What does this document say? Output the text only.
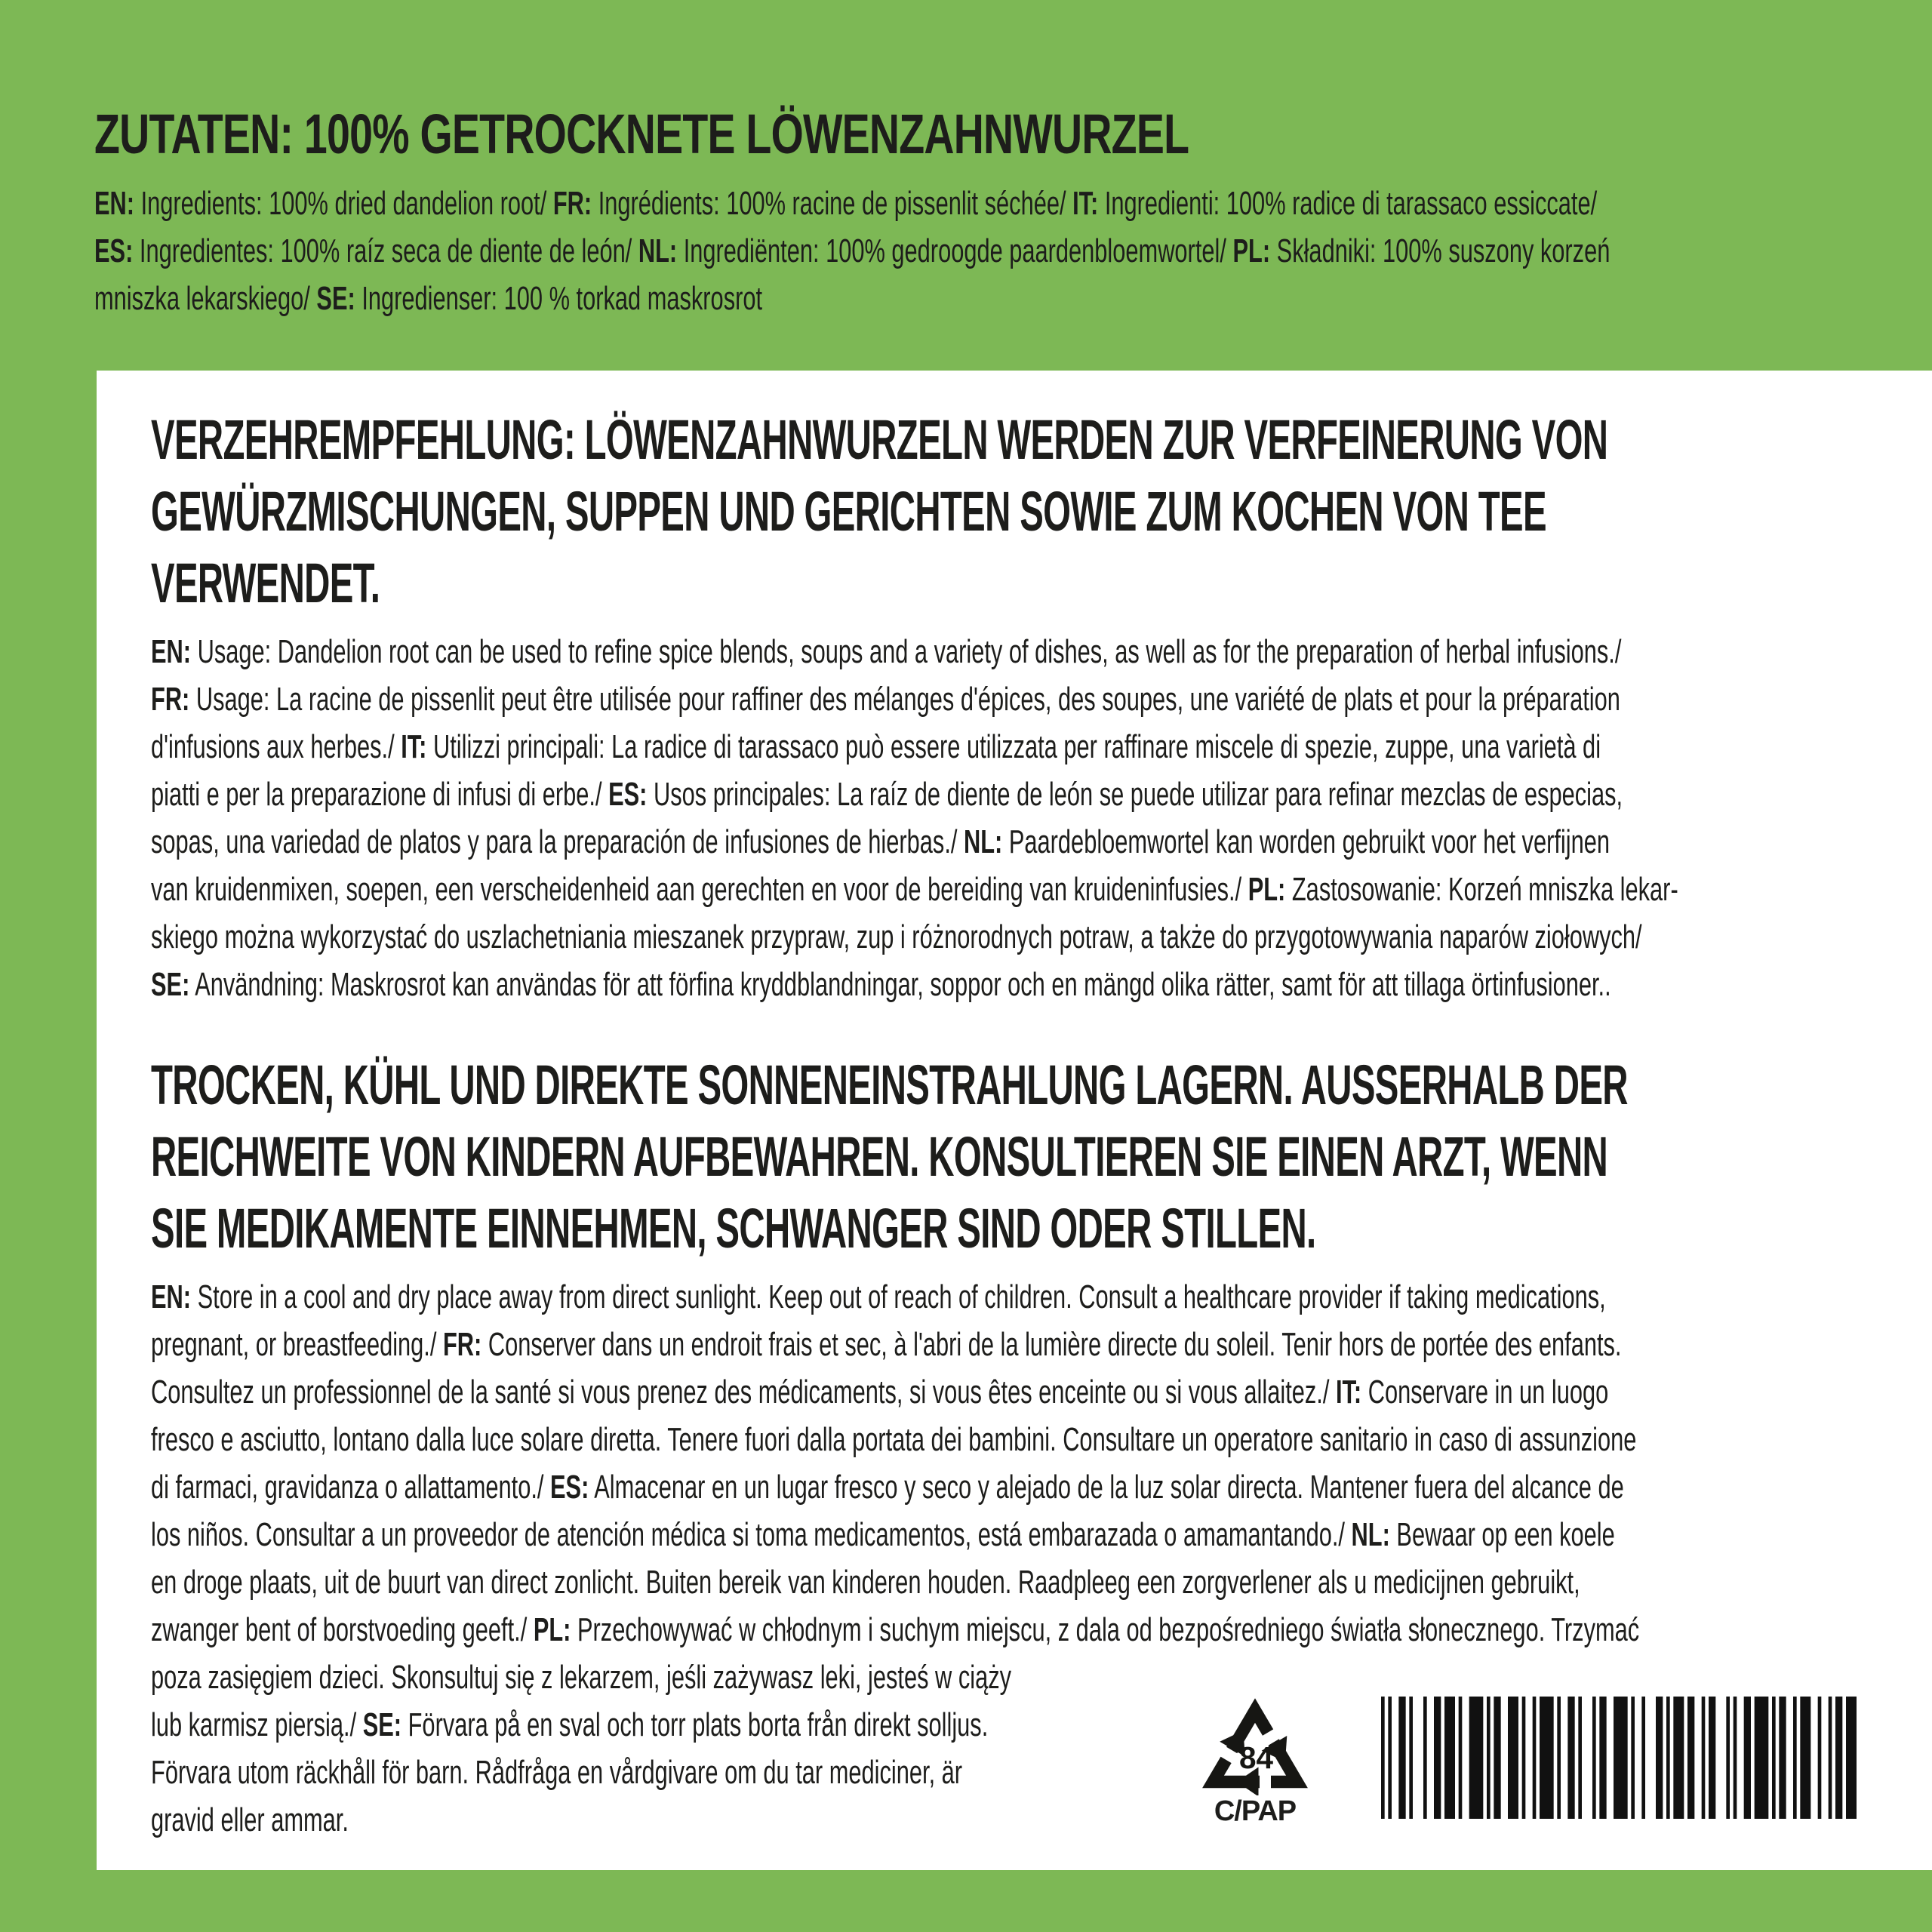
ZUTATEN: 100% GETROCKNETE LÖWENZAHNWURZEL
EN: Ingredients: 100% dried dandelion root/ FR: Ingrédients: 100% racine de pissenlit séchée/ IT: Ingredienti: 100% radice di tarassaco essiccate/
ES: Ingredientes: 100% raíz seca de diente de león/ NL: Ingrediënten: 100% gedroogde paardenbloemwortel/ PL: Składniki: 100% suszony korzeń
mniszka lekarskiego/ SE: Ingredienser: 100 % torkad maskrosrot
VERZEHREMPFEHLUNG: LÖWENZAHNWURZELN WERDEN ZUR VERFEINERUNG VON
GEWÜRZMISCHUNGEN, SUPPEN UND GERICHTEN SOWIE ZUM KOCHEN VON TEE
VERWENDET.
EN: Usage: Dandelion root can be used to refine spice blends, soups and a variety of dishes, as well as for the preparation of herbal infusions./
FR: Usage: La racine de pissenlit peut être utilisée pour raffiner des mélanges d'épices, des soupes, une variété de plats et pour la préparation
d'infusions aux herbes./ IT: Utilizzi principali: La radice di tarassaco può essere utilizzata per raffinare miscele di spezie, zuppe, una varietà di
piatti e per la preparazione di infusi di erbe./ ES: Usos principales: La raíz de diente de león se puede utilizar para refinar mezclas de especias,
sopas, una variedad de platos y para la preparación de infusiones de hierbas./ NL: Paardebloemwortel kan worden gebruikt voor het verfijnen
van kruidenmixen, soepen, een verscheidenheid aan gerechten en voor de bereiding van kruideninfusies./ PL: Zastosowanie: Korzeń mniszka lekar-
skiego można wykorzystać do uszlachetniania mieszanek przypraw, zup i różnorodnych potraw, a także do przygotowywania naparów ziołowych/
SE: Användning: Maskrosrot kan användas för att förfina kryddblandningar, soppor och en mängd olika rätter, samt för att tillaga örtinfusioner..
TROCKEN, KÜHL UND DIREKTE SONNENEINSTRAHLUNG LAGERN. AUSSERHALB DER
REICHWEITE VON KINDERN AUFBEWAHREN. KONSULTIEREN SIE EINEN ARZT, WENN
SIE MEDIKAMENTE EINNEHMEN, SCHWANGER SIND ODER STILLEN.
EN: Store in a cool and dry place away from direct sunlight. Keep out of reach of children. Consult a healthcare provider if taking medications,
pregnant, or breastfeeding./ FR: Conserver dans un endroit frais et sec, à l'abri de la lumière directe du soleil. Tenir hors de portée des enfants.
Consultez un professionnel de la santé si vous prenez des médicaments, si vous êtes enceinte ou si vous allaitez./ IT: Conservare in un luogo
fresco e asciutto, lontano dalla luce solare diretta. Tenere fuori dalla portata dei bambini. Consultare un operatore sanitario in caso di assunzione
di farmaci, gravidanza o allattamento./ ES: Almacenar en un lugar fresco y seco y alejado de la luz solar directa. Mantener fuera del alcance de
los niños. Consultar a un proveedor de atención médica si toma medicamentos, está embarazada o amamantando./ NL: Bewaar op een koele
en droge plaats, uit de buurt van direct zonlicht. Buiten bereik van kinderen houden. Raadpleeg een zorgverlener als u medicijnen gebruikt,
zwanger bent of borstvoeding geeft./ PL: Przechowywać w chłodnym i suchym miejscu, z dala od bezpośredniego światła słonecznego. Trzymać
poza zasięgiem dzieci. Skonsultuj się z lekarzem, jeśli zażywasz leki, jesteś w ciąży
lub karmisz piersią./ SE: Förvara på en sval och torr plats borta från direkt solljus.
Förvara utom räckhåll för barn. Rådfråga en vårdgivare om du tar mediciner, är
gravid eller ammar.
84
C/PAP
